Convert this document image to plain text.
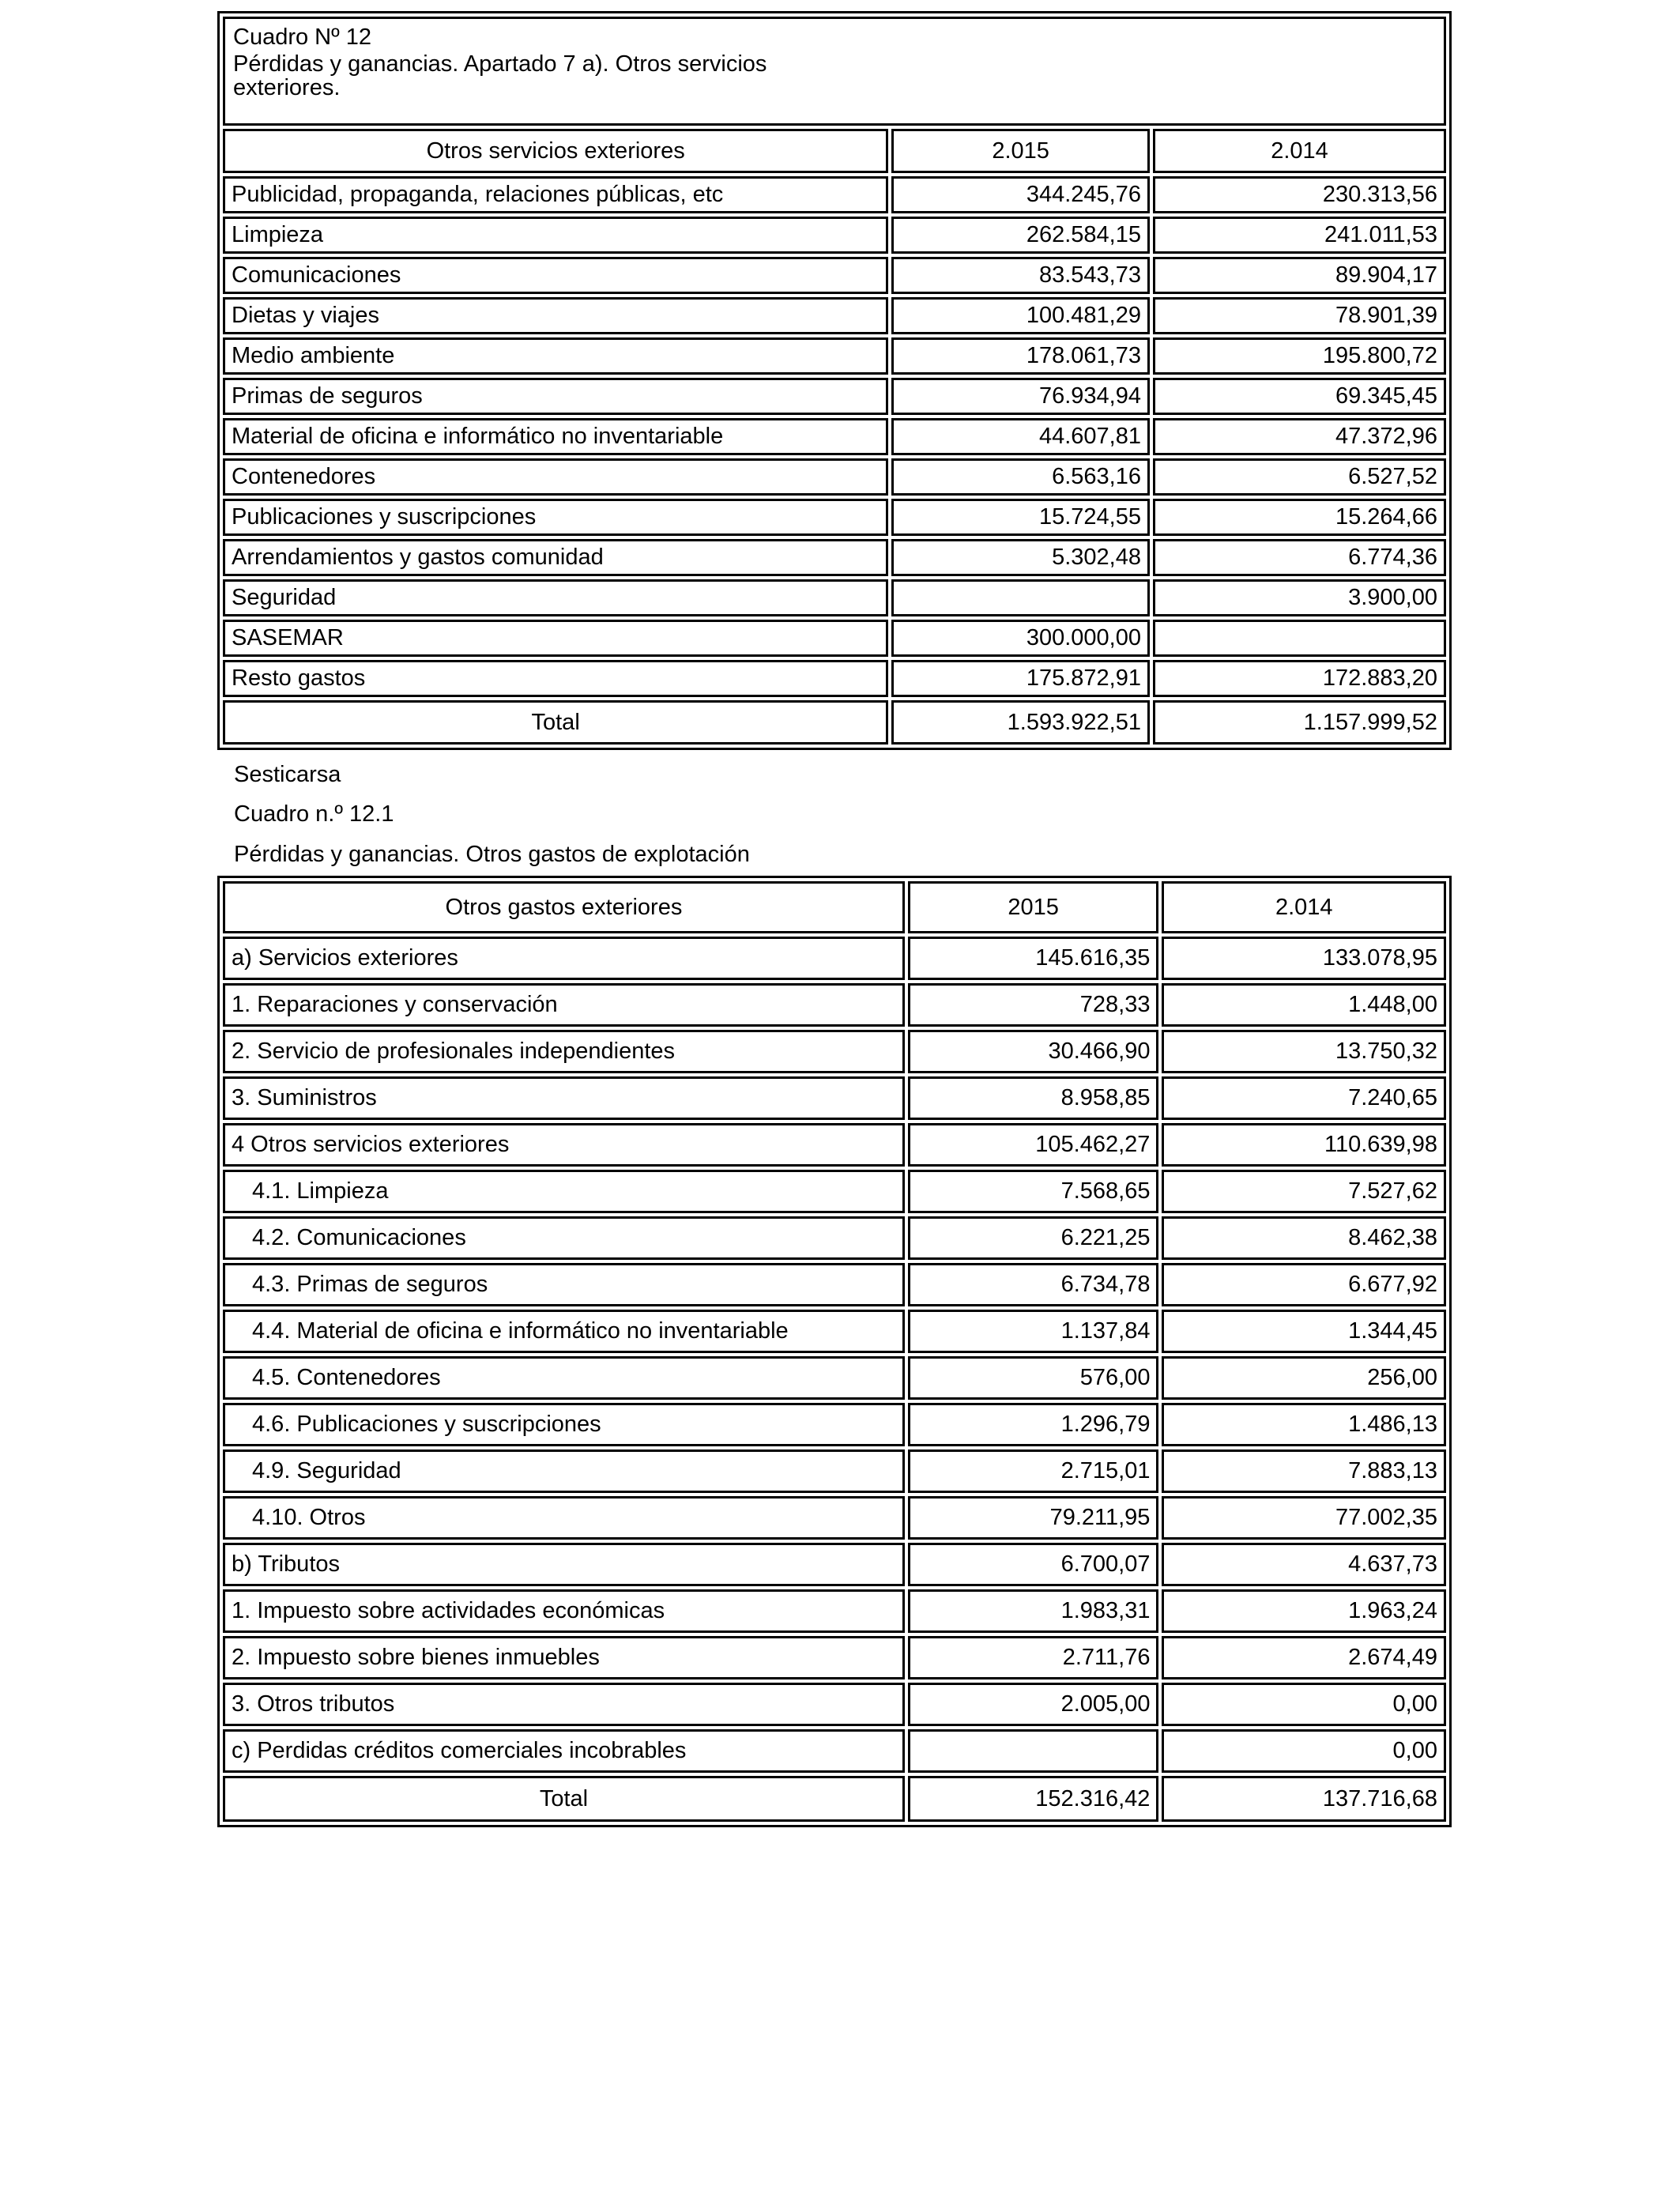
Cuadro Nº 12
Pérdidas y ganancias. Apartado 7 a). Otros servicios
exteriores.		

Otros servicios exteriores	2.015	2.014
Publicidad, propaganda, relaciones públicas, etc	344.245,76	230.313,56
Limpieza	262.584,15	241.011,53
Comunicaciones	83.543,73	89.904,17
Dietas y viajes	100.481,29	78.901,39
Medio ambiente	178.061,73	195.800,72
Primas de seguros	76.934,94	69.345,45
Material de oficina e informático no inventariable	44.607,81	47.372,96
Contenedores	6.563,16	6.527,52
Publicaciones y suscripciones	15.724,55	15.264,66
Arrendamientos y gastos comunidad	5.302,48	6.774,36
Seguridad		3.900,00
SASEMAR	300.000,00	
Resto gastos	175.872,91	172.883,20
Total	1.593.922,51	1.157.999,52
Sesticarsa
Cuadro n.º 12.1
Pérdidas y ganancias. Otros gastos de explotación
Otros gastos exteriores	2015	2.014
a) Servicios exteriores	145.616,35	133.078,95
1. Reparaciones y conservación	728,33	1.448,00
2. Servicio de profesionales independientes	30.466,90	13.750,32
3. Suministros	8.958,85	7.240,65
4 Otros servicios exteriores	105.462,27	110.639,98
4.1. Limpieza	7.568,65	7.527,62
4.2. Comunicaciones	6.221,25	8.462,38
4.3. Primas de seguros	6.734,78	6.677,92
4.4. Material de oficina e informático no inventariable	1.137,84	1.344,45
4.5. Contenedores	576,00	256,00
4.6. Publicaciones y suscripciones	1.296,79	1.486,13
4.9. Seguridad	2.715,01	7.883,13
4.10. Otros	79.211,95	77.002,35
b) Tributos	6.700,07	4.637,73
1. Impuesto sobre actividades económicas	1.983,31	1.963,24
2. Impuesto sobre bienes inmuebles	2.711,76	2.674,49
3. Otros tributos	2.005,00	0,00
c) Perdidas créditos comerciales incobrables		0,00
Total	152.316,42	137.716,68
